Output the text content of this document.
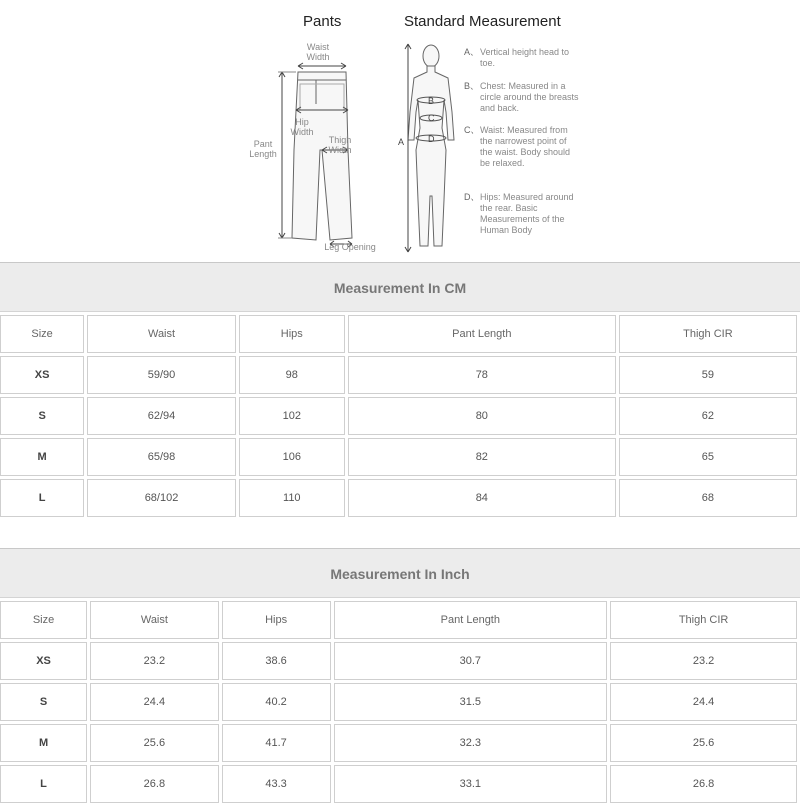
Pants	Standard Measurement
Waist
Width
Hip
Width
Pant
Length
Thigh
Width
Leg Opening
A
B
C
D
A、Vertical height head to toe.
B、Chest: Measured in a circle around the breasts and back.
C、Waist: Measured from the narrowest point of the waist. Body should be relaxed.
D、Hips: Measured around the rear. Basic Measurements of the Human Body
Measurement In CM
Size	Waist	Hips	Pant Length	Thigh CIR
XS	59/90	98	78	59
S	62/94	102	80	62
M	65/98	106	82	65
L	68/102	110	84	68
Measurement In Inch
Size	Waist	Hips	Pant Length	Thigh CIR
XS	23.2	38.6	30.7	23.2
S	24.4	40.2	31.5	24.4
M	25.6	41.7	32.3	25.6
L	26.8	43.3	33.1	26.8
